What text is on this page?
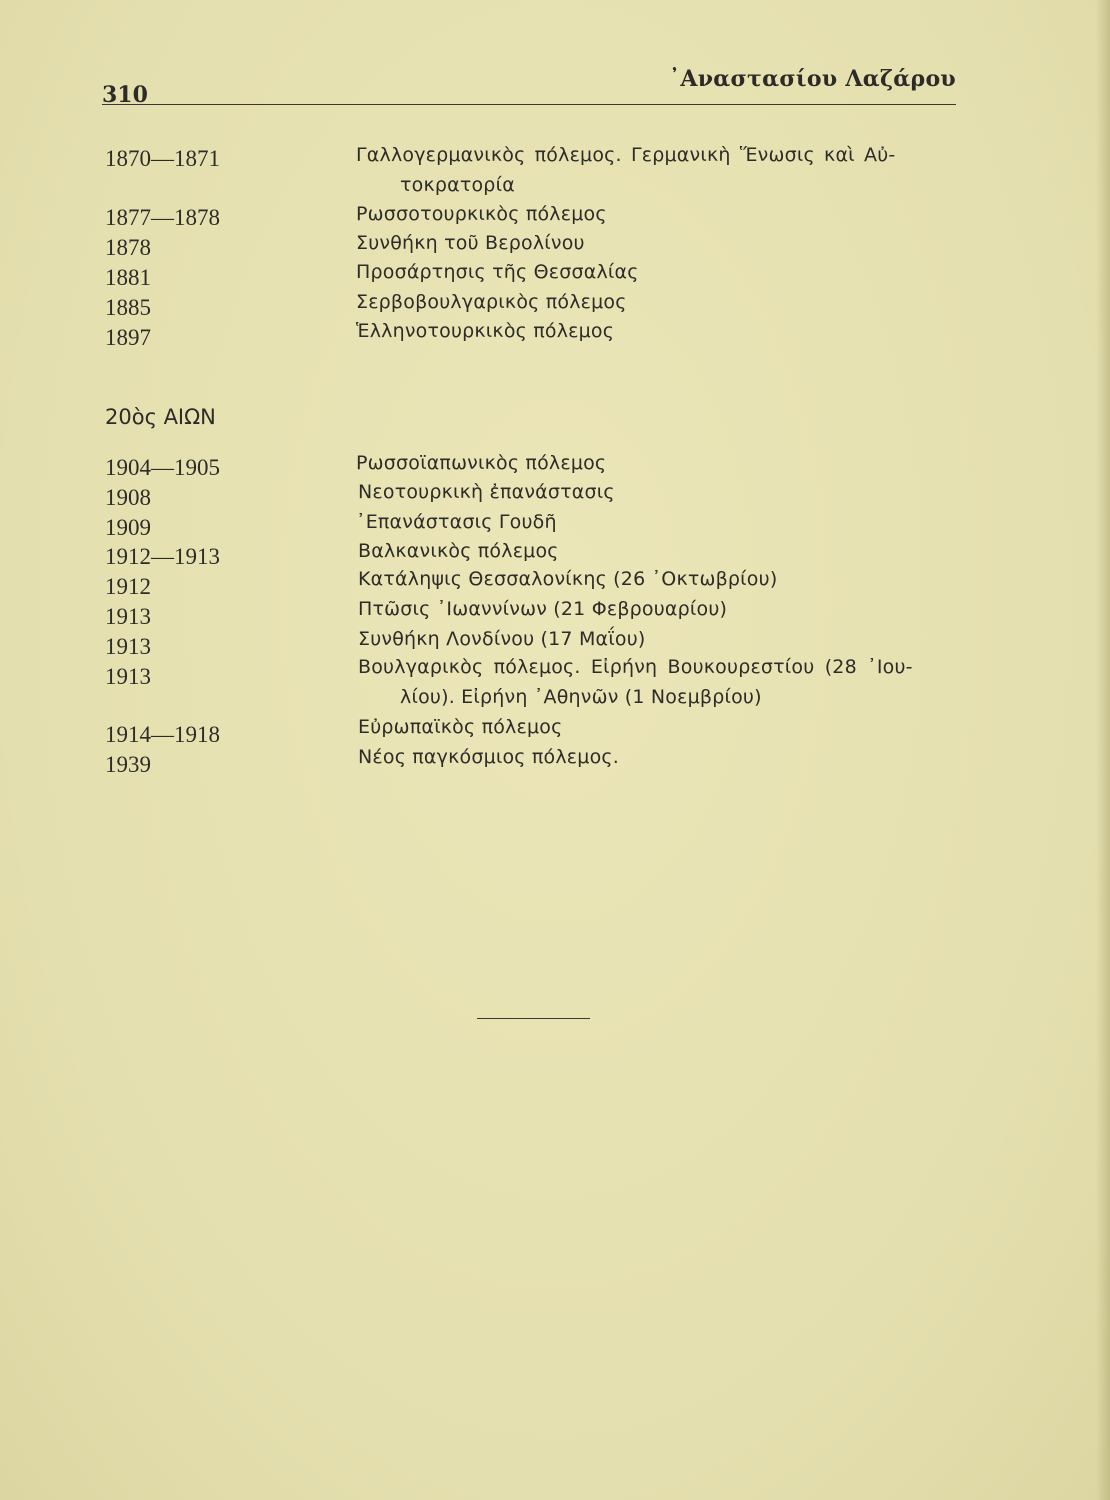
310
᾿Αναστασίου Λαζάρου
1870—1871	Γαλλογερμανικὸς πόλεμος. Γερμανικὴ Ἕνωσις καὶ Αὐ-
τοκρατορία
1877—1878	Ρωσσοτουρκικὸς πόλεμος
1878	Συνθήκη τοῦ Βερολίνου
1881	Προσάρτησις τῆς Θεσσαλίας
1885	Σερβοβουλγαρικὸς πόλεμος
1897	Ἑλληνοτουρκικὸς πόλεμος
20ὸς ΑΙΩΝ
1904—1905	Ρωσσοϊαπωνικὸς πόλεμος
1908	Νεοτουρκικὴ ἐπανάστασις
1909	᾿Επανάστασις Γουδῆ
1912—1913	Βαλκανικὸς πόλεμος
1912	Κατάληψις Θεσσαλονίκης (26 ᾿Οκτωβρίου)
1913	Πτῶσις ᾿Ιωαννίνων (21 Φεβρουαρίου)
1913	Συνθήκη Λονδίνου (17 Μαΐου)
1913	Βουλγαρικὸς πόλεμος. Εἰρήνη Βουκουρεστίου (28 ᾿Ιου-
λίου). Εἰρήνη ᾿Αθηνῶν (1 Νοεμβρίου)
1914—1918	Εὐρωπαϊκὸς πόλεμος
1939	Νέος παγκόσμιος πόλεμος.
